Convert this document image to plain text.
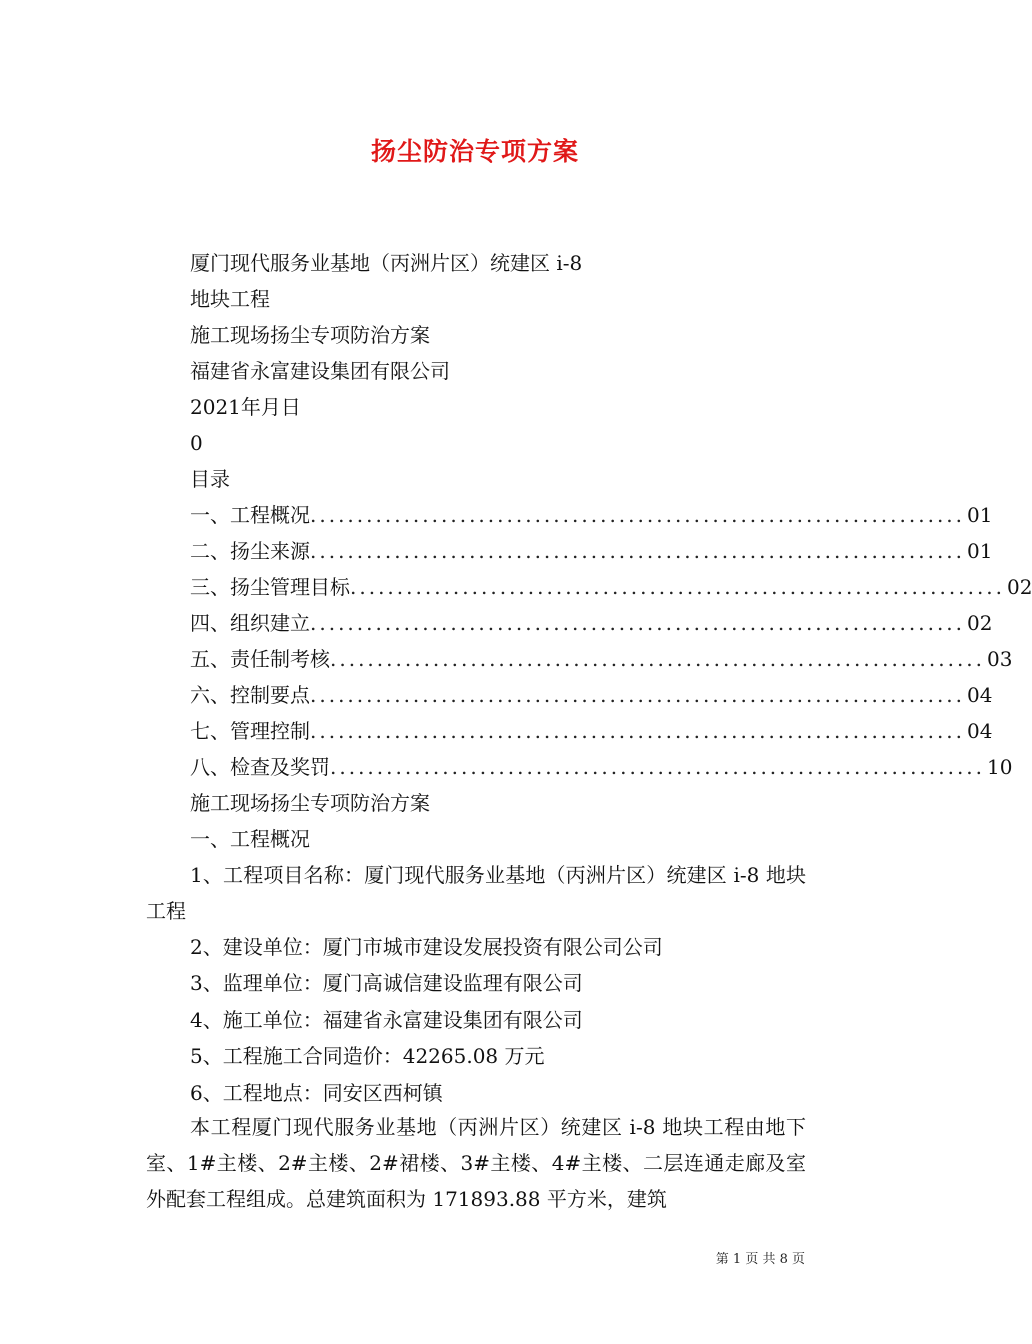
扬尘防治专项方案
厦门现代服务业基地（丙洲片区）统建区 i-8
地块工程
施工现场扬尘专项防治方案
福建省永富建设集团有限公司
2021年月日
0
目录
一、工程概况 ...................................................................... 01
二、扬尘来源 ...................................................................... 01
三、扬尘管理目标 ...................................................................... 02
四、组织建立 ...................................................................... 02
五、责任制考核 ...................................................................... 03
六、控制要点 ...................................................................... 04
七、管理控制 ...................................................................... 04
八、检查及奖罚 ...................................................................... 10
施工现场扬尘专项防治方案
一、工程概况
1、工程项目名称：厦门现代服务业基地（丙洲片区）统建区 i-8 地块工程
2、建设单位：厦门市城市建设发展投资有限公司公司
3、监理单位：厦门高诚信建设监理有限公司
4、施工单位：福建省永富建设集团有限公司
5、工程施工合同造价：42265.08 万元
6、工程地点：同安区西柯镇
本工程厦门现代服务业基地（丙洲片区）统建区 i-8 地块工程由地下室、1#主楼、2#主楼、2#裙楼、3#主楼、4#主楼、二层连通走廊及室外配套工程组成。总建筑面积为 171893.88 平方米，建筑
第 1 页 共 8 页
